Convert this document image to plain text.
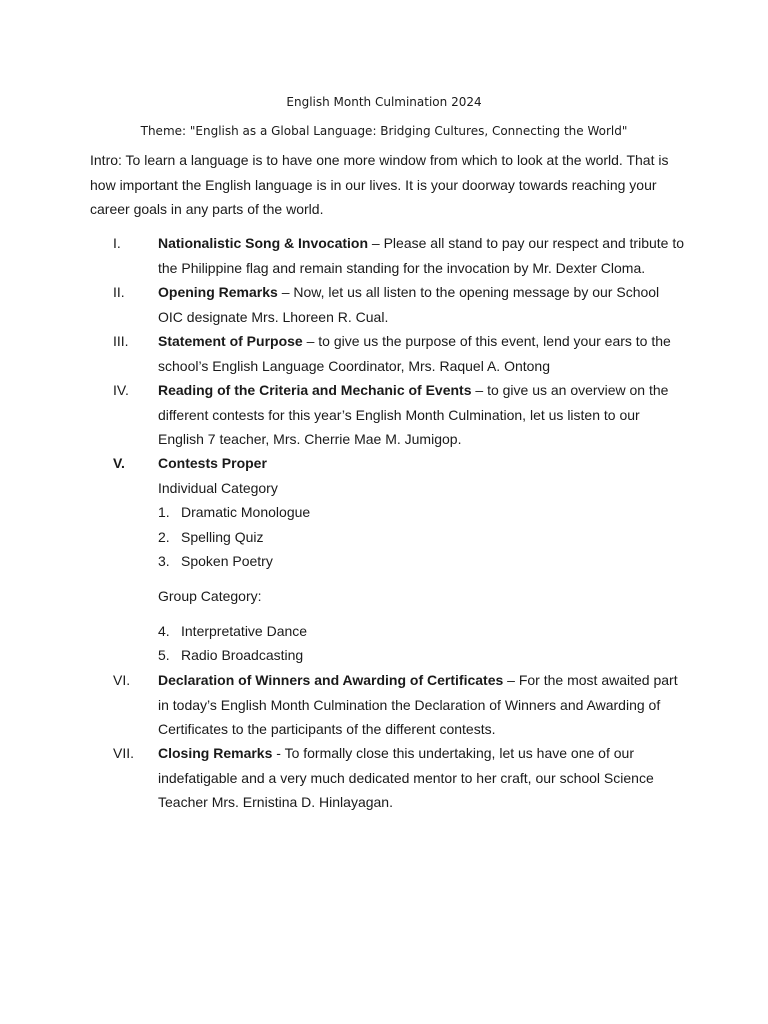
English Month Culmination 2024
Theme: "English as a Global Language: Bridging Cultures, Connecting the World"
Intro: To learn a language is to have one more window from which to look at the world. That is
how important the English language is in our lives. It is your doorway towards reaching your
career goals in any parts of the world.
I.	Nationalistic Song & Invocation – Please all stand to pay our respect and tribute to
the Philippine flag and remain standing for the invocation by Mr. Dexter Cloma.
II. Opening Remarks – Now, let us all listen to the opening message by our School
OIC designate Mrs. Lhoreen R. Cual.
III. Statement of Purpose – to give us the purpose of this event, lend your ears to the
school’s English Language Coordinator, Mrs. Raquel A. Ontong
IV. Reading of the Criteria and Mechanic of Events – to give us an overview on the
different contests for this year’s English Month Culmination, let us listen to our
English 7 teacher, Mrs. Cherrie Mae M. Jumigop.
V. Contests Proper
Individual Category
1. Dramatic Monologue
2. Spelling Quiz
3. Spoken Poetry
Group Category:
4. Interpretative Dance
5. Radio Broadcasting
VI. Declaration of Winners and Awarding of Certificates – For the most awaited part
in today’s English Month Culmination the Declaration of Winners and Awarding of
Certificates to the participants of the different contests.
VII. Closing Remarks - To formally close this undertaking, let us have one of our
indefatigable and a very much dedicated mentor to her craft, our school Science
Teacher Mrs. Ernistina D. Hinlayagan.
